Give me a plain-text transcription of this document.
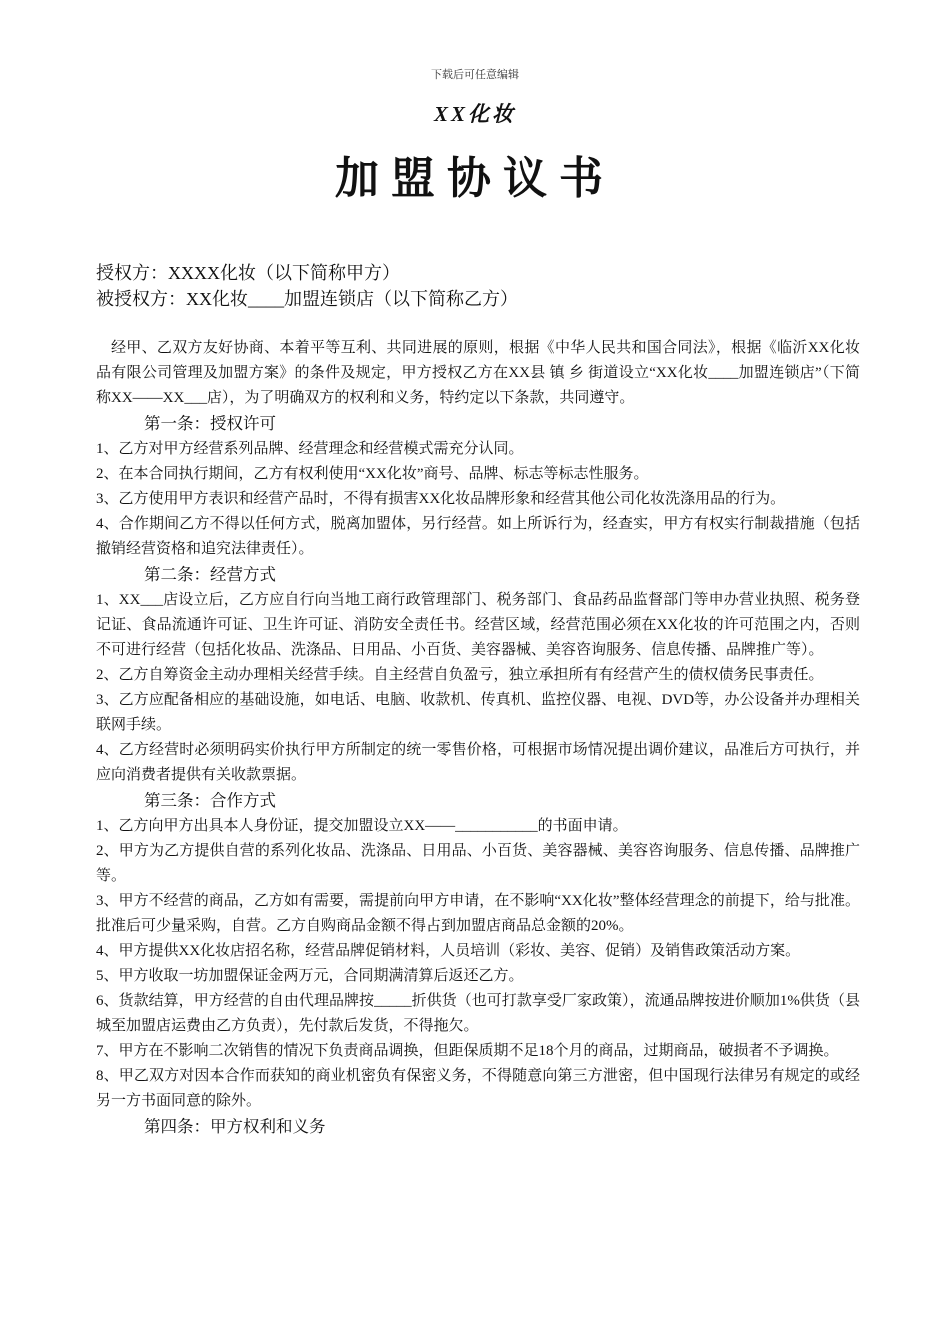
下载后可任意编辑
XX化妆
加盟协议书
授权方：XXXX化妆（以下简称甲方）
被授权方：XX化妆____加盟连锁店（以下简称乙方）

经甲、乙双方友好协商、本着平等互利、共同进展的原则，根据《中华人民共和国合同法》，根据《临沂XX化妆品有限公司管理及加盟方案》的条件及规定，甲方授权乙方在XX县 镇 乡 街道设立“XX化妆____加盟连锁店”（下简称XX——XX___店），为了明确双方的权利和义务，特约定以下条款，共同遵守。

第一条：授权许可

1、乙方对甲方经营系列品牌、经营理念和经营模式需充分认同。

2、在本合同执行期间，乙方有权利使用“XX化妆”商号、品牌、标志等标志性服务。

3、乙方使用甲方表识和经营产品时，不得有损害XX化妆品牌形象和经营其他公司化妆洗涤用品的行为。

4、合作期间乙方不得以任何方式，脱离加盟体，另行经营。如上所诉行为，经查实，甲方有权实行制裁措施（包括撤销经营资格和追究法律责任）。

第二条：经营方式

1、XX___店设立后，乙方应自行向当地工商行政管理部门、税务部门、食品药品监督部门等申办营业执照、税务登记证、食品流通许可证、卫生许可证、消防安全责任书。经营区域，经营范围必须在XX化妆的许可范围之内，否则不可进行经营（包括化妆品、洗涤品、日用品、小百货、美容器械、美容咨询服务、信息传播、品牌推广等）。

2、乙方自筹资金主动办理相关经营手续。自主经营自负盈亏，独立承担所有有经营产生的债权债务民事责任。

3、乙方应配备相应的基础设施，如电话、电脑、收款机、传真机、监控仪器、电视、DVD等，办公设备并办理相关联网手续。

4、乙方经营时必须明码实价执行甲方所制定的统一零售价格，可根据市场情况提出调价建议，品准后方可执行，并应向消费者提供有关收款票据。

第三条：合作方式

1、乙方向甲方出具本人身份证，提交加盟设立XX——___________的书面申请。

2、甲方为乙方提供自营的系列化妆品、洗涤品、日用品、小百货、美容器械、美容咨询服务、信息传播、品牌推广等。

3、甲方不经营的商品，乙方如有需要，需提前向甲方申请，在不影响“XX化妆”整体经营理念的前提下，给与批准。批准后可少量采购，自营。乙方自购商品金额不得占到加盟店商品总金额的20%。

4、甲方提供XX化妆店招名称，经营品牌促销材料，人员培训（彩妆、美容、促销）及销售政策活动方案。

5、甲方收取一坊加盟保证金两万元，合同期满清算后返还乙方。

6、货款结算，甲方经营的自由代理品牌按_____折供货（也可打款享受厂家政策），流通品牌按进价顺加1%供货（县城至加盟店运费由乙方负责），先付款后发货，不得拖欠。

7、甲方在不影响二次销售的情况下负责商品调换，但距保质期不足18个月的商品，过期商品，破损者不予调换。

8、甲乙双方对因本合作而获知的商业机密负有保密义务，不得随意向第三方泄密，但中国现行法律另有规定的或经另一方书面同意的除外。

第四条：甲方权利和义务
